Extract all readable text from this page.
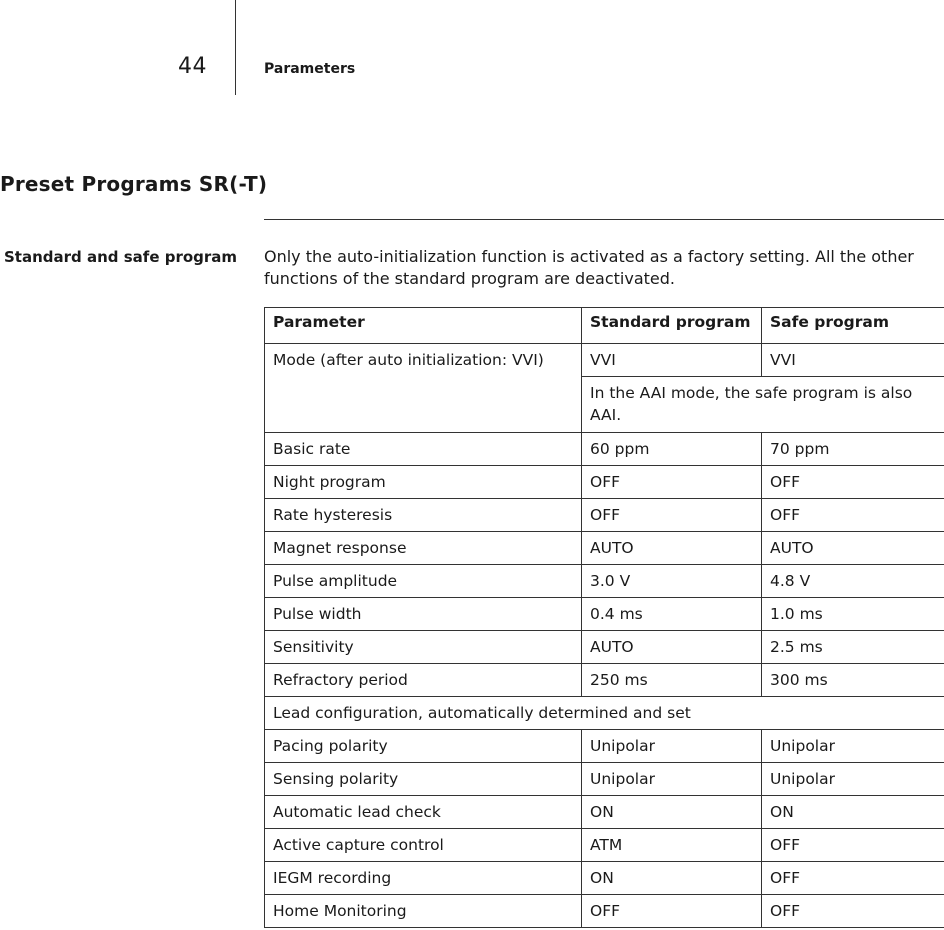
44	Parameters
Preset Programs SR(-T)
Standard and safe program Only the auto-initialization function is activated as a factory setting. All the other functions of the standard program are deactivated.
Parameter	Standard program	Safe program
Mode (after auto initialization: VVI)	VVI	VVI
	In the AAI mode, the safe program is also AAI.	
Basic rate	60 ppm	70 ppm
Night program	OFF	OFF
Rate hysteresis	OFF	OFF
Magnet response	AUTO	AUTO
Pulse amplitude	3.0 V	4.8 V
Pulse width	0.4 ms	1.0 ms
Sensitivity	AUTO	2.5 ms
Refractory period	250 ms	300 ms
Lead configuration, automatically determined and set		
Pacing polarity	Unipolar	Unipolar
Sensing polarity	Unipolar	Unipolar
Automatic lead check	ON	ON
Active capture control	ATM	OFF
IEGM recording	ON	OFF
Home Monitoring	OFF	OFF
